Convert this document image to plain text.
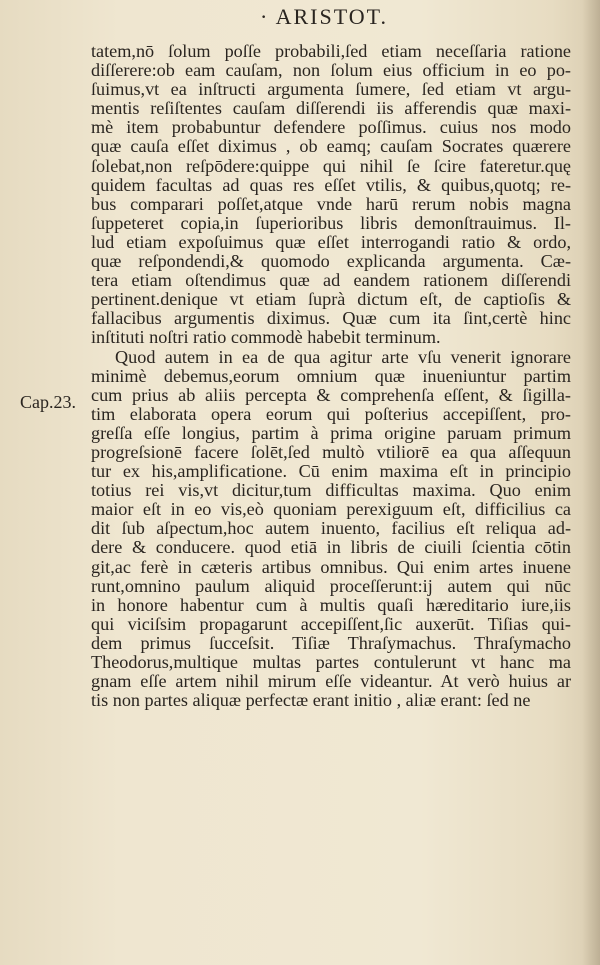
· ARISTOT.
Cap.23.
tatem,nō ſolum poſſe probabili,ſed etiam neceſſaria ratione
diſſerere:ob eam cauſam, non ſolum eius officium in eo po-
ſuimus,vt ea inſtructi argumenta ſumere, ſed etiam vt argu-
mentis reſiſtentes cauſam diſſerendi iis afferendis quæ maxi-
mè item probabuntur defendere poſſimus. cuius nos modo
quæ cauſa eſſet diximus , ob eamq; cauſam Socrates quærere
ſolebat,non reſpōdere:quippe qui nihil ſe ſcire fateretur.quę
quidem facultas ad quas res eſſet vtilis, & quibus,quotq; re-
bus comparari poſſet,atque vnde harū rerum nobis magna
ſuppeteret copia,in ſuperioribus libris demonſtrauimus. Il-
lud etiam expoſuimus quæ eſſet interrogandi ratio & ordo,
quæ reſpondendi,& quomodo explicanda argumenta. Cæ-
tera etiam oſtendimus quæ ad eandem rationem diſſerendi
pertinent.denique vt etiam ſuprà dictum eſt, de captioſis &
fallacibus argumentis diximus. Quæ cum ita ſint,certè hinc
inſtituti noſtri ratio commodè habebit terminum.
Quod autem in ea de qua agitur arte vſu venerit ignorare
minimè debemus,eorum omnium quæ inueniuntur partim
cum prius ab aliis percepta & comprehenſa eſſent, & ſigilla-
tim elaborata opera eorum qui poſterius accepiſſent, pro-
greſſa eſſe longius, partim à prima origine paruam primum
progreſsionē facere ſolēt,ſed multò vtiliorē ea qua aſſequun
tur ex his,amplificatione. Cū enim maxima eſt in principio
totius rei vis,vt dicitur,tum difficultas maxima. Quo enim
maior eſt in eo vis,eò quoniam perexiguum eſt, difficilius ca
dit ſub aſpectum,hoc autem inuento, facilius eſt reliqua ad-
dere & conducere. quod etiā in libris de ciuili ſcientia cōtin
git,ac ferè in cæteris artibus omnibus. Qui enim artes inuene
runt,omnino paulum aliquid proceſſerunt:ij autem qui nūc
in honore habentur cum à multis quaſi hæreditario iure,iis
qui viciſsim propagarunt accepiſſent,ſic auxerūt. Tiſias qui-
dem primus ſucceſsit. Tiſiæ Thraſymachus. Thraſymacho
Theodorus,multique multas partes contulerunt vt hanc ma
gnam eſſe artem nihil mirum eſſe videantur. At verò huius ar
tis non partes aliquæ perfectæ erant initio , aliæ erant: ſed ne
